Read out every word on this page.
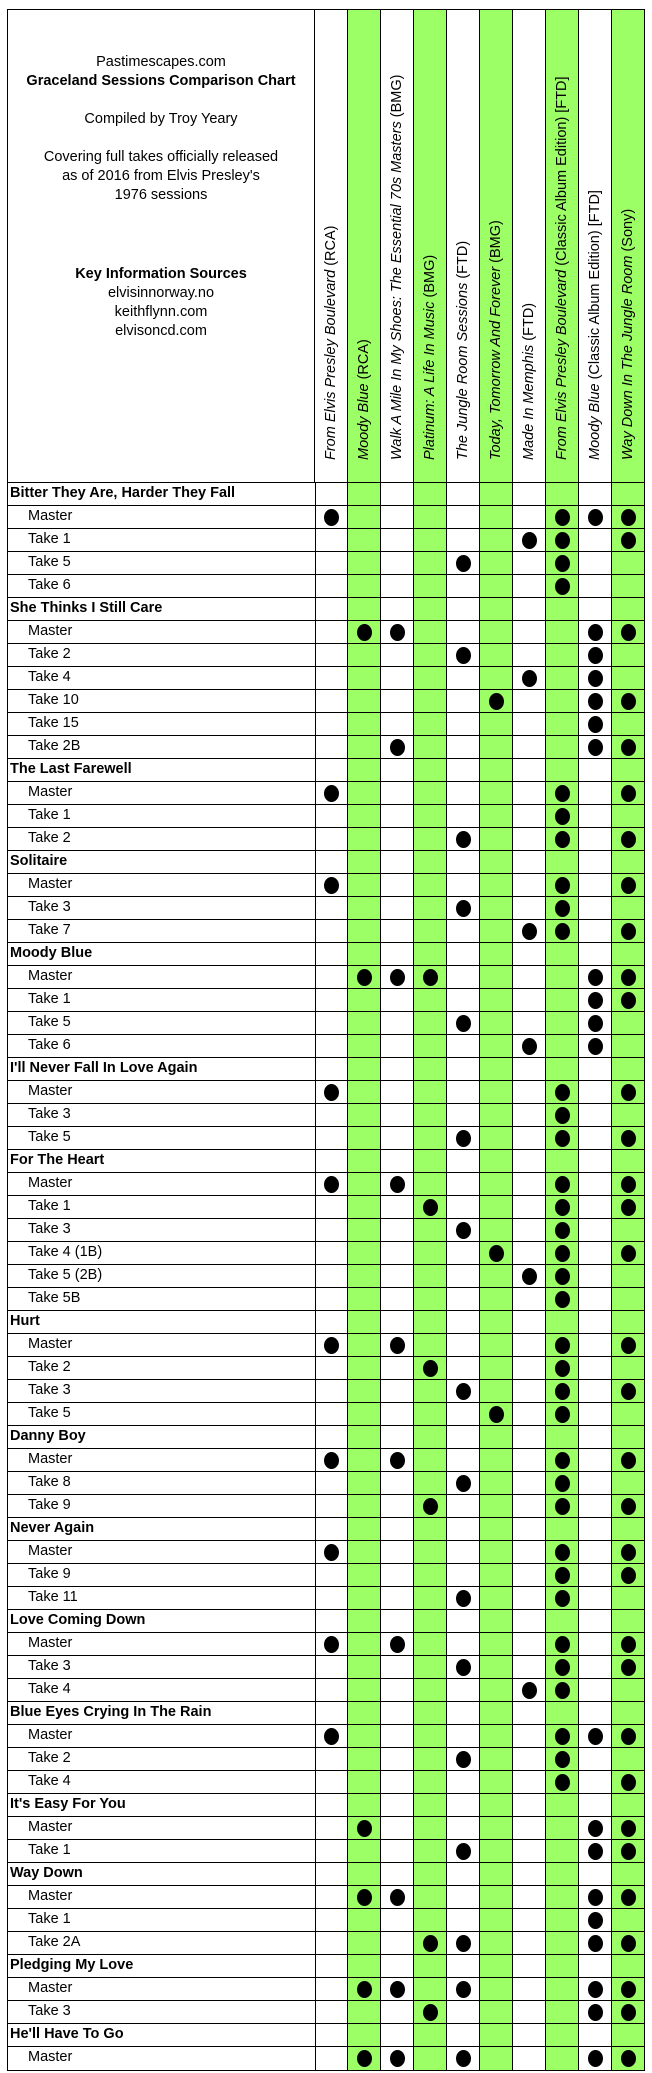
Pastimescapes.com
Graceland Sessions Comparison Chart
Compiled by Troy Yeary
Covering full takes officially released
as of 2016 from Elvis Presley's
1976 sessions
Key Information Sources
elvisinnorway.no
keithflynn.com
elvisoncd.com	From Elvis Presley Boulevard (RCA)
Moody Blue (RCA) Walk A Mile In My Shoes: The Essential 70s Masters (BMG)
Platinum: A Life In Music (BMG)
The Jungle Room Sessions (FTD)
Today, Tomorrow And Forever (BMG)
Made In Memphis (FTD) From Elvis Presley Boulevard (Classic Album Edition) [FTD]
Moody Blue (Classic Album Edition) [FTD] Way Down In The Jungle Room (Sony)
Bitter They Are, Harder They Fall
Master
Take 1
Take 5
Take 6
She Thinks I Still Care
Master
Take 2
Take 4
Take 10
Take 15
Take 2B
The Last Farewell
Master
Take 1
Take 2
Solitaire
Master
Take 3
Take 7
Moody Blue
Master
Take 1
Take 5
Take 6
I'll Never Fall In Love Again
Master
Take 3
Take 5
For The Heart
Master
Take 1
Take 3
Take 4 (1B)
Take 5 (2B)
Take 5B
Hurt
Master
Take 2
Take 3
Take 5
Danny Boy
Master
Take 8
Take 9
Never Again
Master
Take 9
Take 11
Love Coming Down
Master
Take 3
Take 4
Blue Eyes Crying In The Rain
Master
Take 2
Take 4
It's Easy For You
Master
Take 1
Way Down
Master
Take 1
Take 2A
Pledging My Love
Master
Take 3
He'll Have To Go
Master
